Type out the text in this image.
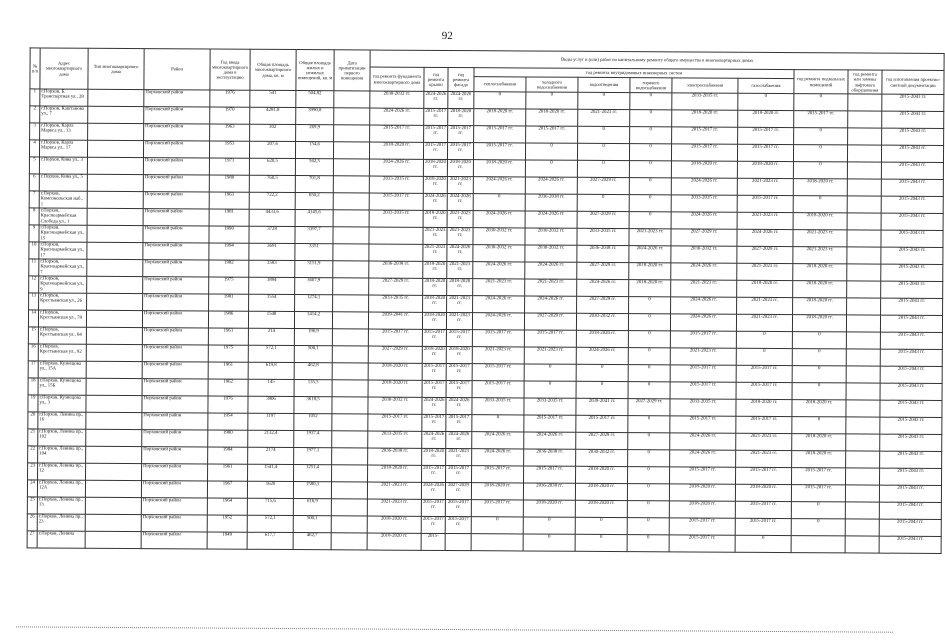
92
№ п/п	Адрес многоквартирного дома	Тип многоквартирного дома	Район	Год ввода многоквартирного дома в эксплуатацию	Общая площадь многоквартирного дома, кв. м	Общая площадь жилых и нежилых помещений, кв. м	Дата приватизации первого помещения	Виды услуг и (или) работ по капитальному ремонту общего имущества в многоквартирных домах											
								год ремонта фундамента многоквартирного дома	год ремонта крыши	год ремонта фасада	год ремонта внутридомовых инженерных систем						год ремонта подвальных помещений	год ремонта или замены лифтового оборудования	год изготовления проектно-сметной документации
											теплоснабжения	холодного водоснабжения	водоотведения	горячего водоснабжения	электроснабжения	газоснабжения			
1	г.Порхов, Б. Транспортная ул., 28		Порховский район	1976	541	504,82		2030-2032 гг.	2024-2026 гг.	2024-2026 гг.	0	0	0	0	2033-2035 гг.	0	0		2015-2043 гг.
2	г.Порхов, Каштанова ул., 7		Порховский район	1970	4281,8	3990,8		2024-2026 гг.	2015-2017 гг.	2018-2020 гг.	2018-2020 гг.	2018-2020 гг.	2021-2023 гг.	0	2018-2020 гг.	2018-2020 гг.	2015-2017 гг.		2015-2043 гг.
3	г.Порхов, Карла Маркса ул., 13		Порховский район	1963	302	269,9		2015-2017 гг.	2015-2017 гг.	2015-2017 гг.	2015-2017 гг.	2015-2017 гг.	0	0	2015-2017 гг.	2015-2017 гг.	0		2015-2043 гг.
4	г.Порхов, Карла Маркса ул., 17		Порховский район	1953	207,6	154,6		2018-2020 гг.	2015-2017 гг.	2015-2017 гг.	2015-2017 гг.	0	0	0	2015-2017 гг.	2015-2017 гг.	0		2015-2043 гг.
5	г.Порхов, Кива ул., 3		Порховский район	1971	620,5	562,5		2024-2026 гг.	2018-2020 гг.	2018-2020 гг.	2018-2020 гг.	0	0	0	2018-2020 гг.	2018-2020 гг.	0		2015-2043 гг.
6	г.Порхов, Кива ул., 5		Порховский район	1980	760,5	701,8		2033-2035 гг.	2018-2020 гг.	2021-2023 гг.	2024-2026 гг.	2024-2026 гг.	2027-2029 гг.	0	2024-2026 гг.	2021-2023 гг.	2018-2020 гг.		2015-2043 гг.
7	г.Порхов, Комсомольская наб., 1		Порховский район	1963	722,2	650,2		2015-2017 гг.	2024-2026 гг.	2024-2026 гг.	0	2036-2038 гг.	0	0	2033-2035 гг.	2015-2017 гг.	0		2015-2043 гг.
8	г.Порхов, Красноармейская Слобода ул., 1		Порховский район	1981	4433,6	4145,6		2033-2035 гг.	2018-2020 гг.	2021-2023 гг.	2024-2026 гг.	2024-2026 гг.	2027-2029 гг.	0	2024-2026 гг.	2021-2023 гг.	2018-2020 гг.		2015-2043 гг.
9	г.Порхов, Красноармейская ул., 15		Порховский район	1990	3728	3397,7			2021-2023 гг.	2021-2023 гг.	2030-2032 гг.	2030-2032 гг.	2033-2035 гг.	2021-2023 гг.	2027-2029 гг.	2024-2026 гг.	2021-2023 гг.		2015-2043 гг.
10	г.Порхов, Красноармейская ул., 17		Порховский район	1994	3691	3351			2021-2023 гг.	2024-2026 гг.	2030-2032 гг.	2030-2032 гг.	2036-2038 гг.	2024-2026 гг.	2030-2032 гг.	2027-2029 гг.	2021-2023 гг.		2015-2043 гг.
11	г.Порхов, Красноармейская ул., 7		Порховский район	1982	3583	3151,9		2036-2038 гг.	2018-2020 гг.	2021-2023 гг.	2024-2026 гг.	2024-2026 гг.	2027-2029 гг.	2018-2020 гг.	2024-2026 гг.	2021-2023 гг.	2018-2020 гг.		2015-2043 гг.
12	г.Порхов, Красноармейская ул., 9		Порховский район	1975	3894	3607,9		2027-2029 гг.	2018-2020 гг.	2018-2020 гг.	2021-2023 гг.	2021-2023 гг.	2024-2026 гг.	2018-2020 гг.	2021-2023 гг.	2018-2020 гг.	2018-2020 гг.		2015-2043 гг.
13	г.Порхов, Крестьянская ул., 26		Порховский район	1981	1554	1274,1		2033-2035 гг.	2018-2020 гг.	2021-2023 гг.	2024-2026 гг.	2024-2026 гг.	2027-2029 гг.	0	2024-2026 гг.	2021-2023 гг.	2018-2020 гг.		2015-2043 гг.
14	г.Порхов, Крестьянская ул., 78		Порховский район	1986	1548	1414,2		2039-2041 гг.	2018-2020 гг.	2021-2023 гг.	2024-2026 гг.	2027-2029 гг.	2030-2032 гг.	0	2024-2026 гг.	2021-2023 гг.	2018-2020 гг.		2015-2043 гг.
15	г.Порхов, Крестьянская ул., 84		Порховский район	1961	214	196,9		2015-2017 гг.	2015-2017 гг.	2015-2017 гг.	2015-2017 гг.	2015-2017 гг.	2018-2020 гг.	0	2015-2017 гг.	0	0		2015-2043 гг.
16	г.Порхов, Крестьянская ул., 92		Порховский район	1975	572,1	500,1		2027-2029 гг.	2018-2020 гг.	2018-2020 гг.	2021-2023 гг.	2021-2023 гг.	2024-2026 гг.	0	2021-2023 гг.	0	0		2015-2043 гг.
17	г.Порхов, Кузнецова ул., 15А		Порховский район	1961	619,8	462,8		2018-2020 гг.	2015-2017 гг.	2015-2017 гг.	2015-2017 гг.	0	0	0	2015-2017 гг.	2015-2017 гг.	0		2015-2043 гг.
18	г.Порхов, Кузнецова ул., 15Б		Порховский район	1962	145	135,5		2018-2020 гг.	2015-2017 гг.	2015-2017 гг.	2015-2017 гг.	0	0	0	2015-2017 гг.	2015-2017 гг.	0		2015-2043 гг.
19	г.Порхов, Кузнецова ул., 3		Порховский район	1976	3906	3618,5		2030-2032 гг.	2024-2026 гг.	2024-2026 гг.	2033-2035 гг.	2033-2035 гг.	2039-2041 гг.	2027-2029 гг.	2033-2035 гг.	2018-2020 гг.	2018-2020 гг.		2015-2043 гг.
20	г.Порхов, Ленина пр., 16		Порховский район	1954	1197	1052		2015-2017 гг.	2015-2017 гг.	2015-2017 гг.	0	2015-2017 гг.	2015-2017 гг.	0	2015-2017 гг.	2015-2017 гг.	0		2015-2043 гг.
21	г.Порхов, Ленина пр., 102		Порховский район	1980	2132,4	1937,4		2033-2035 гг.	2024-2026 гг.	2024-2026 гг.	2024-2026 гг.	2024-2026 гг.	2027-2029 гг.	0	2024-2026 гг.	2021-2023 гг.	2018-2020 гг.		2015-2043 гг.
22	г.Порхов, Ленина пр., 104		Порховский район	1984	2174	1977,1		2036-2038 гг.	2018-2020 гг.	2021-2023 гг.	2024-2026 гг.	2036-2038 гг.	2030-2032 гг.	0	2024-2026 гг.	2021-2023 гг.	2018-2020 гг.		2015-2043 гг.
23	г.Порхов, Ленина пр., 12		Порховский район	1961	1541,4	1251,4		2018-2020 гг.	2015-2017 гг.	2015-2017 гг.	2015-2017 гг.	2015-2017 гг.	2018-2020 гг.	0	2015-2017 гг.	2015-2017 гг.	2015-2017 гг.		2015-2043 гг.
24	г.Порхов, Ленина пр., 12А		Порховский район	1967	1620	1580,3		2021-2023 гг.	2024-2026 гг.	2027-2029 гг.	2018-2020 гг.	2036-2038 гг.	2018-2020 гг.	0	2018-2020 гг.	2018-2020 гг.	2015-2017 гг.		2015-2043 гг.
25	г.Порхов, Ленина пр., 13		Порховский район	1964	715,6	616,9		2021-2023 гг.	2015-2017 гг.	2015-2017 гг.	2015-2017 гг.	2018-2020 гг.	2018-2020 гг.	0	2018-2020 гг.	2015-2017 гг.	0		2015-2043 гг.
26	г.Порхов, Ленина пр., 23		Порховский район	1952	572,1	500,1		2018-2020 гг.	2015-2017 гг.	2015-2017 гг.	0	0	0	0	2015-2017 гг.	2015-2017 гг.	0		2015-2043 гг.
27	г.Порхов, Ленина		Порховский район	1949	617,7	462,7		2018-2020 гг.	2015-			0	0	0	2015-2017 гг.	0			2015-2043 гг.
